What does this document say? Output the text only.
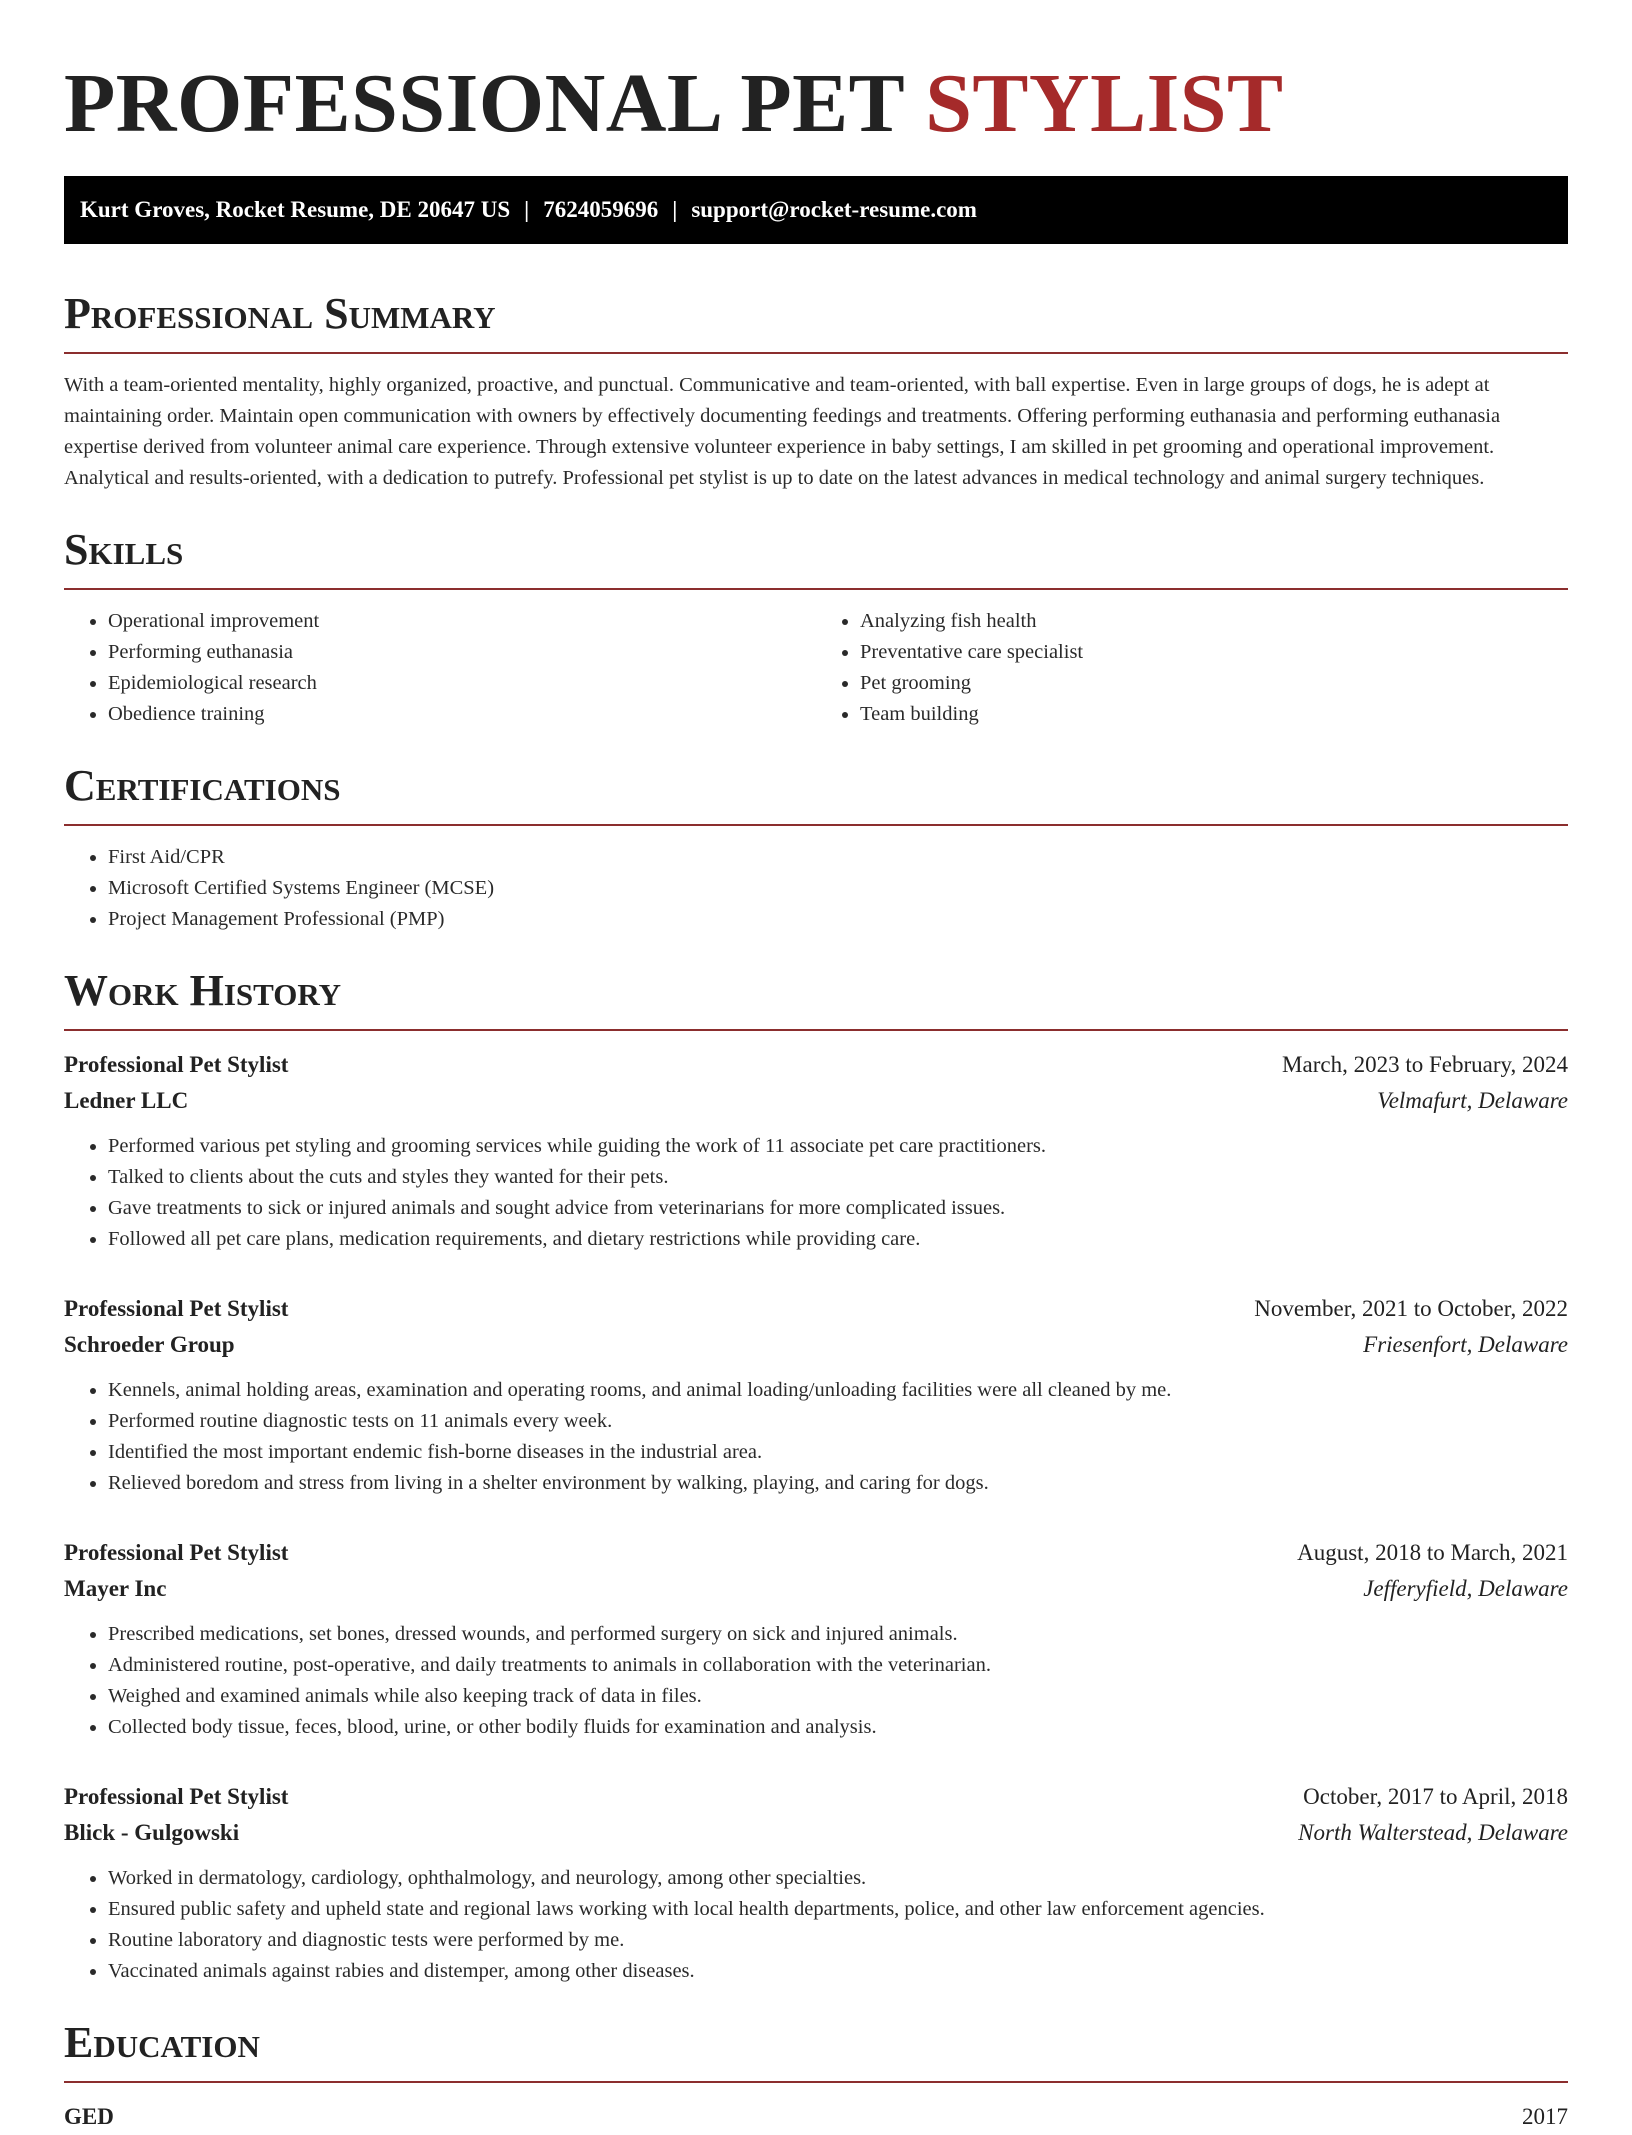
PROFESSIONAL PET STYLIST
Kurt Groves, Rocket Resume, DE 20647 US | 7624059696 | support@rocket-resume.com
Professional Summary

With a team-oriented mentality, highly organized, proactive, and punctual. Communicative and team-oriented, with ball expertise. Even in large groups of dogs, he is adept at maintaining order. Maintain open communication with owners by effectively documenting feedings and treatments. Offering performing euthanasia and performing euthanasia expertise derived from volunteer animal care experience. Through extensive volunteer experience in baby settings, I am skilled in pet grooming and operational improvement. Analytical and results-oriented, with a dedication to putrefy. Professional pet stylist is up to date on the latest advances in medical technology and animal surgery techniques.

Skills
• Operational improvement
• Performing euthanasia
• Epidemiological research
• Obedience training
• Analyzing fish health
• Preventative care specialist
• Pet grooming
• Team building
Certifications
• First Aid/CPR
• Microsoft Certified Systems Engineer (MCSE)
• Project Management Professional (PMP)
Work History
Professional Pet Stylist	March, 2023 to February, 2024
Ledner LLC	Velmafurt, Delaware
• Performed various pet styling and grooming services while guiding the work of 11 associate pet care practitioners.
• Talked to clients about the cuts and styles they wanted for their pets.
• Gave treatments to sick or injured animals and sought advice from veterinarians for more complicated issues.
• Followed all pet care plans, medication requirements, and dietary restrictions while providing care.
Professional Pet Stylist	November, 2021 to October, 2022
Schroeder Group	Friesenfort, Delaware
• Kennels, animal holding areas, examination and operating rooms, and animal loading/unloading facilities were all cleaned by me.
• Performed routine diagnostic tests on 11 animals every week.
• Identified the most important endemic fish-borne diseases in the industrial area.
• Relieved boredom and stress from living in a shelter environment by walking, playing, and caring for dogs.
Professional Pet Stylist	August, 2018 to March, 2021
Mayer Inc	Jefferyfield, Delaware
• Prescribed medications, set bones, dressed wounds, and performed surgery on sick and injured animals.
• Administered routine, post-operative, and daily treatments to animals in collaboration with the veterinarian.
• Weighed and examined animals while also keeping track of data in files.
• Collected body tissue, feces, blood, urine, or other bodily fluids for examination and analysis.
Professional Pet Stylist	October, 2017 to April, 2018
Blick - Gulgowski	North Walterstead, Delaware
• Worked in dermatology, cardiology, ophthalmology, and neurology, among other specialties.
• Ensured public safety and upheld state and regional laws working with local health departments, police, and other law enforcement agencies.
• Routine laboratory and diagnostic tests were performed by me.
• Vaccinated animals against rabies and distemper, among other diseases.
Education
GED	2017
